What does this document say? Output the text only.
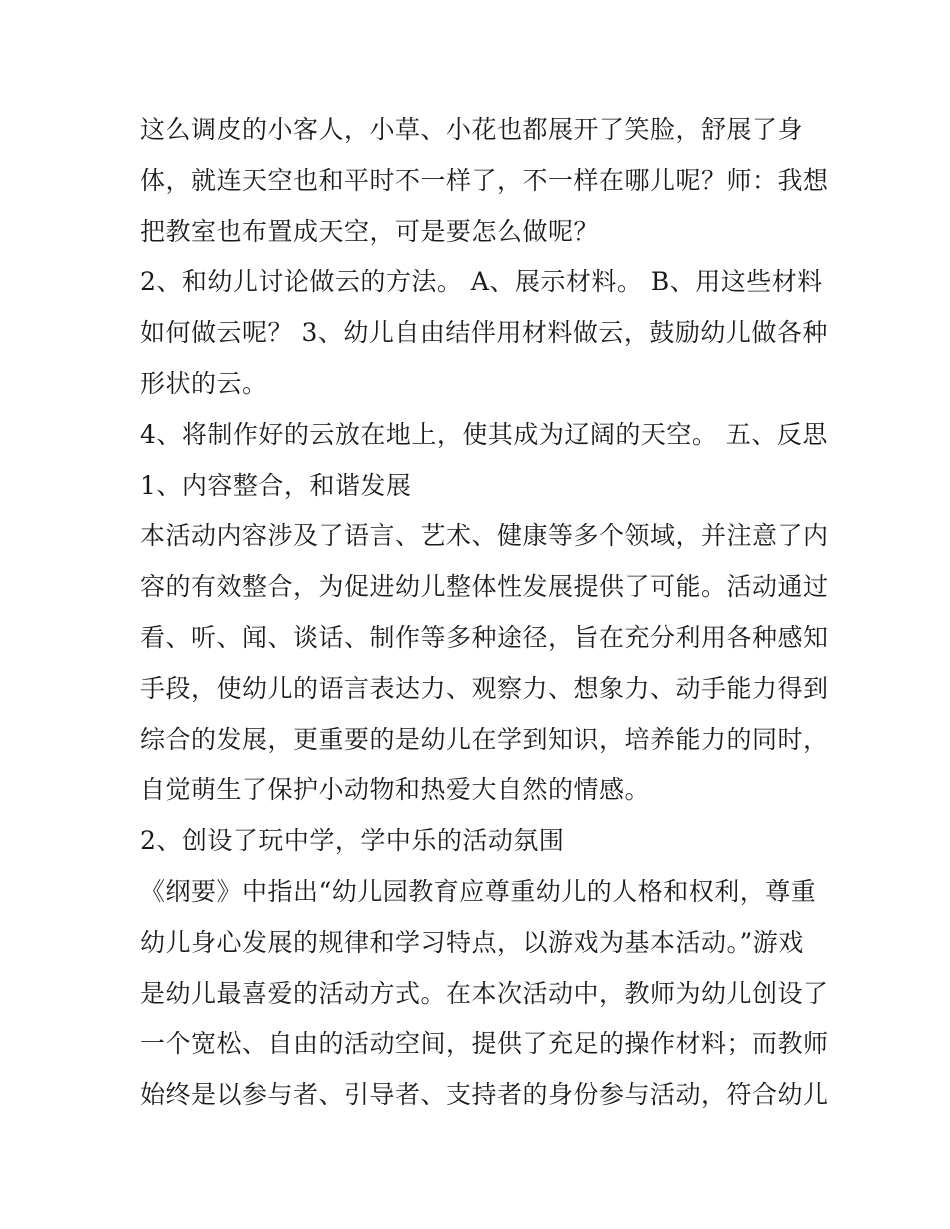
这么调皮的小客人，小草、小花也都展开了笑脸，舒展了身
体，就连天空也和平时不一样了，不一样在哪儿呢？师：我想
把教室也布置成天空，可是要怎么做呢？
2、和幼儿讨论做云的方法。 A、展示材料。 B、用这些材料
如何做云呢？ 3、幼儿自由结伴用材料做云，鼓励幼儿做各种
形状的云。
4、将制作好的云放在地上，使其成为辽阔的天空。 五、反思
1、内容整合，和谐发展
本活动内容涉及了语言、艺术、健康等多个领域，并注意了内
容的有效整合，为促进幼儿整体性发展提供了可能。活动通过
看、听、闻、谈话、制作等多种途径，旨在充分利用各种感知
手段，使幼儿的语言表达力、观察力、想象力、动手能力得到
综合的发展，更重要的是幼儿在学到知识，培养能力的同时，
自觉萌生了保护小动物和热爱大自然的情感。
2、创设了玩中学，学中乐的活动氛围
《纲要》中指出“幼儿园教育应尊重幼儿的人格和权利，尊重
幼儿身心发展的规律和学习特点，以游戏为基本活动。”游戏
是幼儿最喜爱的活动方式。在本次活动中，教师为幼儿创设了
一个宽松、自由的活动空间，提供了充足的操作材料；而教师
始终是以参与者、引导者、支持者的身份参与活动，符合幼儿
